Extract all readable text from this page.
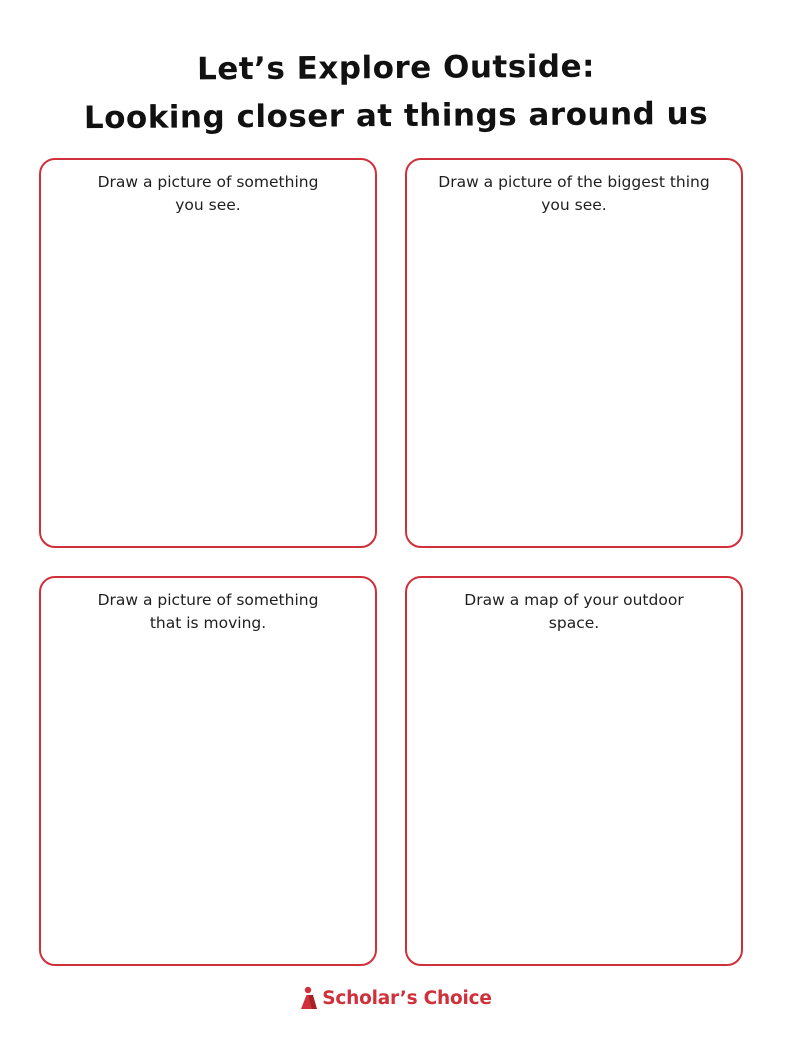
Let’s Explore Outside:
Looking closer at things around us

Draw a picture of something
you see.

Draw a picture of the biggest thing
you see.

Draw a picture of something
that is moving.

Draw a map of your outdoor space.

Scholar’s Choice
